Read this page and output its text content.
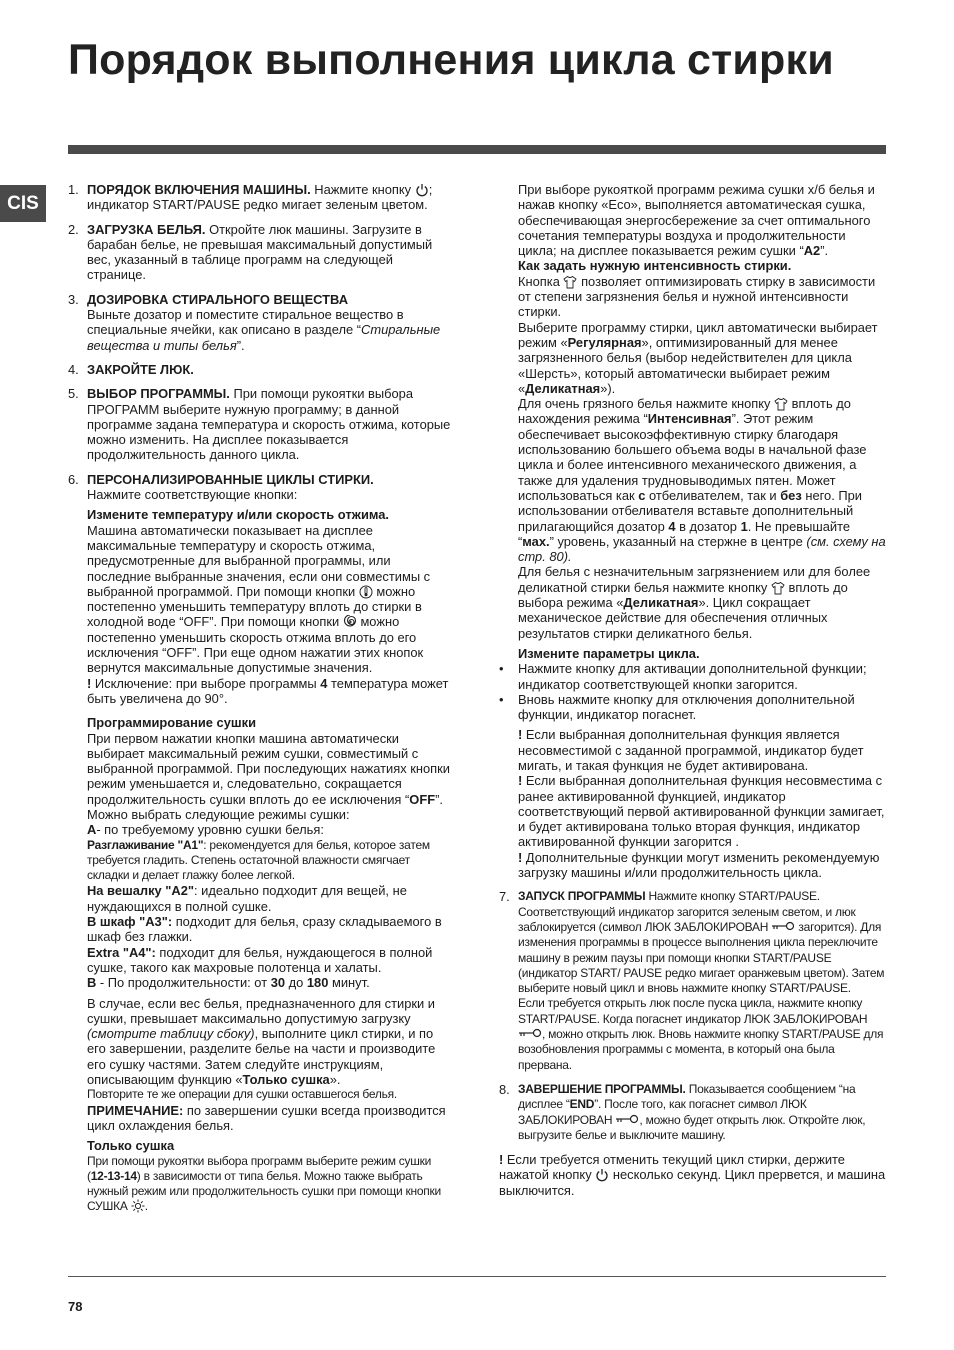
Порядок выполнения цикла стирки
CIS
1. ПОРЯДОК ВКЛЮЧЕНИЯ МАШИНЫ. Нажмите кнопку ; индикатор START/PAUSE редко мигает зеленым цветом.

2. ЗАГРУЗКА БЕЛЬЯ. Откройте люк машины. Загрузите в барабан белье, не превышая максимальный допустимый вес, указанный в таблице программ на следующей странице.

3. ДОЗИРОВКА СТИРАЛЬНОГО ВЕЩЕСТВА

Выньте дозатор и поместите стиральное вещество в специальные ячейки, как описано в разделе “Стиральные вещества и типы белья”.

4. ЗАКРОЙТЕ ЛЮК.

5. ВЫБОР ПРОГРАММЫ. При помощи рукоятки выбора ПРОГРАММ выберите нужную программу; в данной программе задана температура и скорость отжима, которые можно изменить. На дисплее показывается продолжительность данного цикла.

6. ПЕРСОНАЛИЗИРОВАННЫЕ ЦИКЛЫ СТИРКИ.

Нажмите соответствующие кнопки:

Измените температуру и/или скорость отжима.

Машина автоматически показывает на дисплее максимальные температуру и скорость отжима, предусмотренные для выбранной программы, или последние выбранные значения, если они совместимы с выбранной программой. При помощи кнопки можно постепенно уменьшить температуру вплоть до стирки в холодной воде “OFF”. При помощи кнопки можно постепенно уменьшить скорость отжима вплоть до его исключения “OFF”. При еще одном нажатии этих кнопок вернутся максимальные допустимые значения.

! Исключение: при выборе программы 4 температура может быть увеличена до 90°.

Программирование сушки

При первом нажатии кнопки машина автоматически выбирает максимальный режим сушки, совместимый с выбранной программой. При последующих нажатиях кнопки режим уменьшается и, следовательно, сокращается продолжительность сушки вплоть до ее исключения “OFF”.

Можно выбрать следующие режимы сушки:

А- по требуемому уровню сушки белья:

Разглаживание "A1": рекомендуется для белья, которое затем требуется гладить. Степень остаточной влажности смягчает складки и делает глажку более легкой.

На вешалку "A2": идеально подходит для вещей, не нуждающихся в полной сушке.

В шкаф "A3": подходит для белья, сразу складываемого в шкаф без глажки.

Extra "A4": подходит для белья, нуждающегося в полной сушке, такого как махровые полотенца и халаты.

B - По продолжительности: от 30 до 180 минут.

В случае, если вес белья, предназначенного для стирки и сушки, превышает максимально допустимую загрузку (смотрите таблицу сбоку), выполните цикл стирки, и по его завершении, разделите белье на части и производите его сушку частями. Затем следуйте инструкциям, описывающим функцию «Только сушка».

Повторите те же операции для сушки оставшегося белья.

ПРИМЕЧАНИЕ: по завершении сушки всегда производится цикл охлаждения белья.

Только сушка

При помощи рукоятки выбора программ выберите режим сушки (12-13-14) в зависимости от типа белья. Можно также выбрать нужный режим или продолжительность сушки при помощи кнопки СУШКА .

При выборе рукояткой программ режима сушки х/б белья и нажав кнопку «Eco», выполняется автоматическая сушка, обеспечивающая энергосбережение за счет оптимального сочетания температуры воздуха и продолжительности цикла; на дисплее показывается режим сушки “A2”.

Как задать нужную интенсивность стирки.

Кнопка позволяет оптимизировать стирку в зависимости от степени загрязнения белья и нужной интенсивности стирки.

Выберите программу стирки, цикл автоматически выбирает режим «Регулярная», оптимизированный для менее загрязненного белья (выбор недействителен для цикла «Шерсть», который автоматически выбирает режим «Деликатная»).

Для очень грязного белья нажмите кнопку вплоть до нахождения режима “Интенсивная”. Этот режим обеспечивает высокоэффективную стирку благодаря использованию большего объема воды в начальной фазе цикла и более интенсивного механического движения, а также для удаления трудновыводимых пятен. Может использоваться как с отбеливателем, так и без него. При использовании отбеливателя вставьте дополнительный прилагающийся дозатор 4 в дозатор 1. Не превышайте “мах.” уровень, указанный на стержне в центре (см. схему на стр. 80).

Для белья с незначительным загрязнением или для более деликатной стирки белья нажмите кнопку вплоть до выбора режима «Деликатная». Цикл сокращает механическое действие для обеспечения отличных результатов стирки деликатного белья.

Измените параметры цикла.

•	Нажмите кнопку для активации дополнительной функции; индикатор соответствующей кнопки загорится.
•	Вновь нажмите кнопку для отключения дополнительной функции, индикатор погаснет.

! Если выбранная дополнительная функция является несовместимой с заданной программой, индикатор будет мигать, и такая функция не будет активирована.

! Если выбранная дополнительная функция несовместима с ранее активированной функцией, индикатор соответствующий первой активированной функции замигает, и будет активирована только вторая функция, индикатор активированной функции загорится .

! Дополнительные функции могут изменить рекомендуемую загрузку машины и/или продолжительность цикла.

7. ЗАПУСК ПРОГРАММЫ Нажмите кнопку START/PAUSE. Соответствующий индикатор загорится зеленым светом, и люк заблокируется (символ ЛЮК ЗАБЛОКИРОВАН	загорится). Для изменения программы в процессе выполнения цикла переключите машину в режим паузы при помощи кнопки START/PAUSE (индикатор START/ PAUSE редко мигает оранжевым цветом). Затем выберите новый цикл и вновь нажмите кнопку START/PAUSE.

Если требуется открыть люк после пуска цикла, нажмите кнопку START/PAUSE. Когда погаснет индикатор ЛЮК ЗАБЛОКИРОВАН
, можно открыть люк. Вновь нажмите кнопку START/PAUSE для возобновления программы с момента, в который она была прервана.

8. ЗАВЕРШЕНИЕ ПРОГРАММЫ. Показывается сообщением “на дисплее “END”. После того, как погаснет символ ЛЮК ЗАБЛОКИРОВАН , можно будет открыть люк. Откройте люк, выгрузите белье и выключите машину.

! Если требуется отменить текущий цикл стирки, держите нажатой кнопку несколько секунд. Цикл прервется, и машина выключится.

78
